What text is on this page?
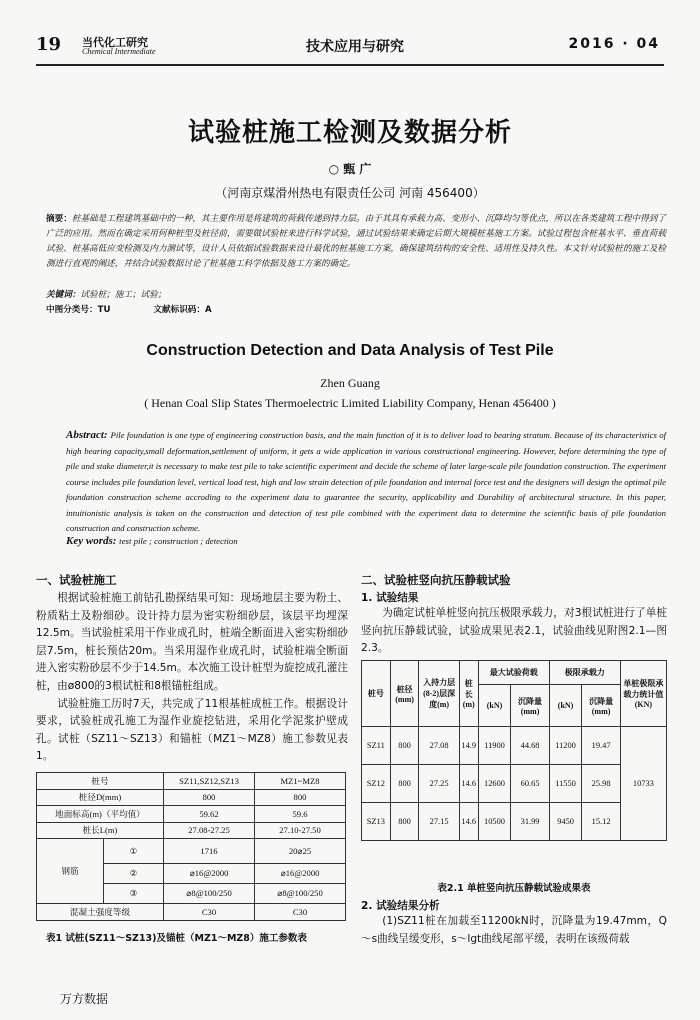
19 当代化工研究
Chemical Intermediate	技术应用与研究	2016 · 04
试验桩施工检测及数据分析
○ 甄 广
（河南京煤滑州热电有限责任公司 河南 456400）
摘要：桩基础是工程建筑基础中的一种，其主要作用是将建筑的荷载传递到持力层。由于其具有承载力高、变形小、沉降均匀等优点，所以在各类建筑工程中得到了广泛的应用。然而在确定采用何种桩型及桩径前，需要做试验桩来进行科学试验，通过试验结果来确定后期大规模桩基施工方案。试验过程包含桩基水平、垂直荷载试验、桩基高低应变检测及内力测试等，设计人员依据试验数据来设计最优的桩基施工方案，确保建筑结构的安全性、适用性及持久性。本文针对试验桩的施工及检测进行直观的阐述，并结合试验数据讨论了桩基施工科学依据及施工方案的确定。
关键词：试验桩；施工；试验；
中图分类号：TU	文献标识码：A
Construction Detection and Data Analysis of Test Pile
Zhen Guang
( Henan Coal Slip States Thermoelectric Limited Liability Company, Henan 456400 )
Abstract: Pile foundation is one type of engineering construction basis, and the main function of it is to deliver load to bearing stratum. Because of its characteristics of high bearing capacity,small deformation,settlement of uniform, it gets a wide application in various constructional engineering. However, before determining the type of pile and stake diameter,it is necessary to make test pile to take scientific experiment and decide the scheme of later large-scale pile foundation construction. The experiment course includes pile foundation level, vertical load test, high and low strain detection of pile foundation and internal force test and the designers will design the optimal pile foundation construction scheme accroding to the experiment data to guarantee the security, applicability and Durability of architectural structure. In this paper, intuitionistic analysis is taken on the construction and detection of test pile combined with the experiment data to determine the scientific basis of pile foundation construction and construction scheme.
Key words: test pile ; construction ; detection
一、试验桩施工
根据试验桩施工前钻孔勘探结果可知：现场地层主要为粉土、粉质粘土及粉细砂。设计持力层为密实粉细砂层，该层平均埋深12.5m。当试验桩采用干作业成孔时，桩端全断面进入密实粉细砂层7.5m，桩长预估20m。当采用湿作业成孔时，试验桩端全断面进入密实粉砂层不少于14.5m。本次施工设计桩型为旋挖成孔灌注桩，由ø800的3根试桩和8根锚桩组成。
试验桩施工历时7天，共完成了11根基桩成桩工作。根据设计要求，试验桩成孔施工为湿作业旋挖钻进，采用化学泥浆护壁成孔。试桩（SZ11～SZ13）和锚桩（MZ1～MZ8）施工参数见表1。
桩号		SZ11,SZ12,SZ13	MZ1~MZ8
桩径D(mm)		800	800
地面标高(m)（平均值）		59.62	59.6
桩长L(m)		27.08-27.25	27.10-27.50
钢筋	①	1716	20⌀25
	②	⌀16@2000	⌀16@2000
	③	⌀8@100/250	⌀8@100/250
混凝土强度等级		C30	C30
表1 试桩(SZ11～SZ13)及锚桩（MZ1～MZ8）施工参数表
二、试验桩竖向抗压静载试验
1. 试验结果
为确定试桩单桩竖向抗压极限承载力，对3根试桩进行了单桩竖向抗压静载试验，试验成果见表2.1，试验曲线见附图2.1—图2.3。
桩号	桩径(mm)	入持力层(8-2)层深度(m)	桩长(m)	最大试验荷载		极限承载力		单桩极限承载力统计值(KN)
				(kN)	沉降量(mm)	(kN)	沉降量(mm)	
SZ11	800	27.08	14.9	11900	44.68	11200	19.47	10733
SZ12	800	27.25	14.6	12600	60.65	11550	25.98	
SZ13	800	27.15	14.6	10500	31.99	9450	15.12	
表2.1 单桩竖向抗压静载试验成果表
2. 试验结果分析
(1)SZ11桩在加载至11200kN时，沉降量为19.47mm，Q～s曲线呈缓变形，s～lgt曲线尾部平缓，表明在该级荷载
万方数据
